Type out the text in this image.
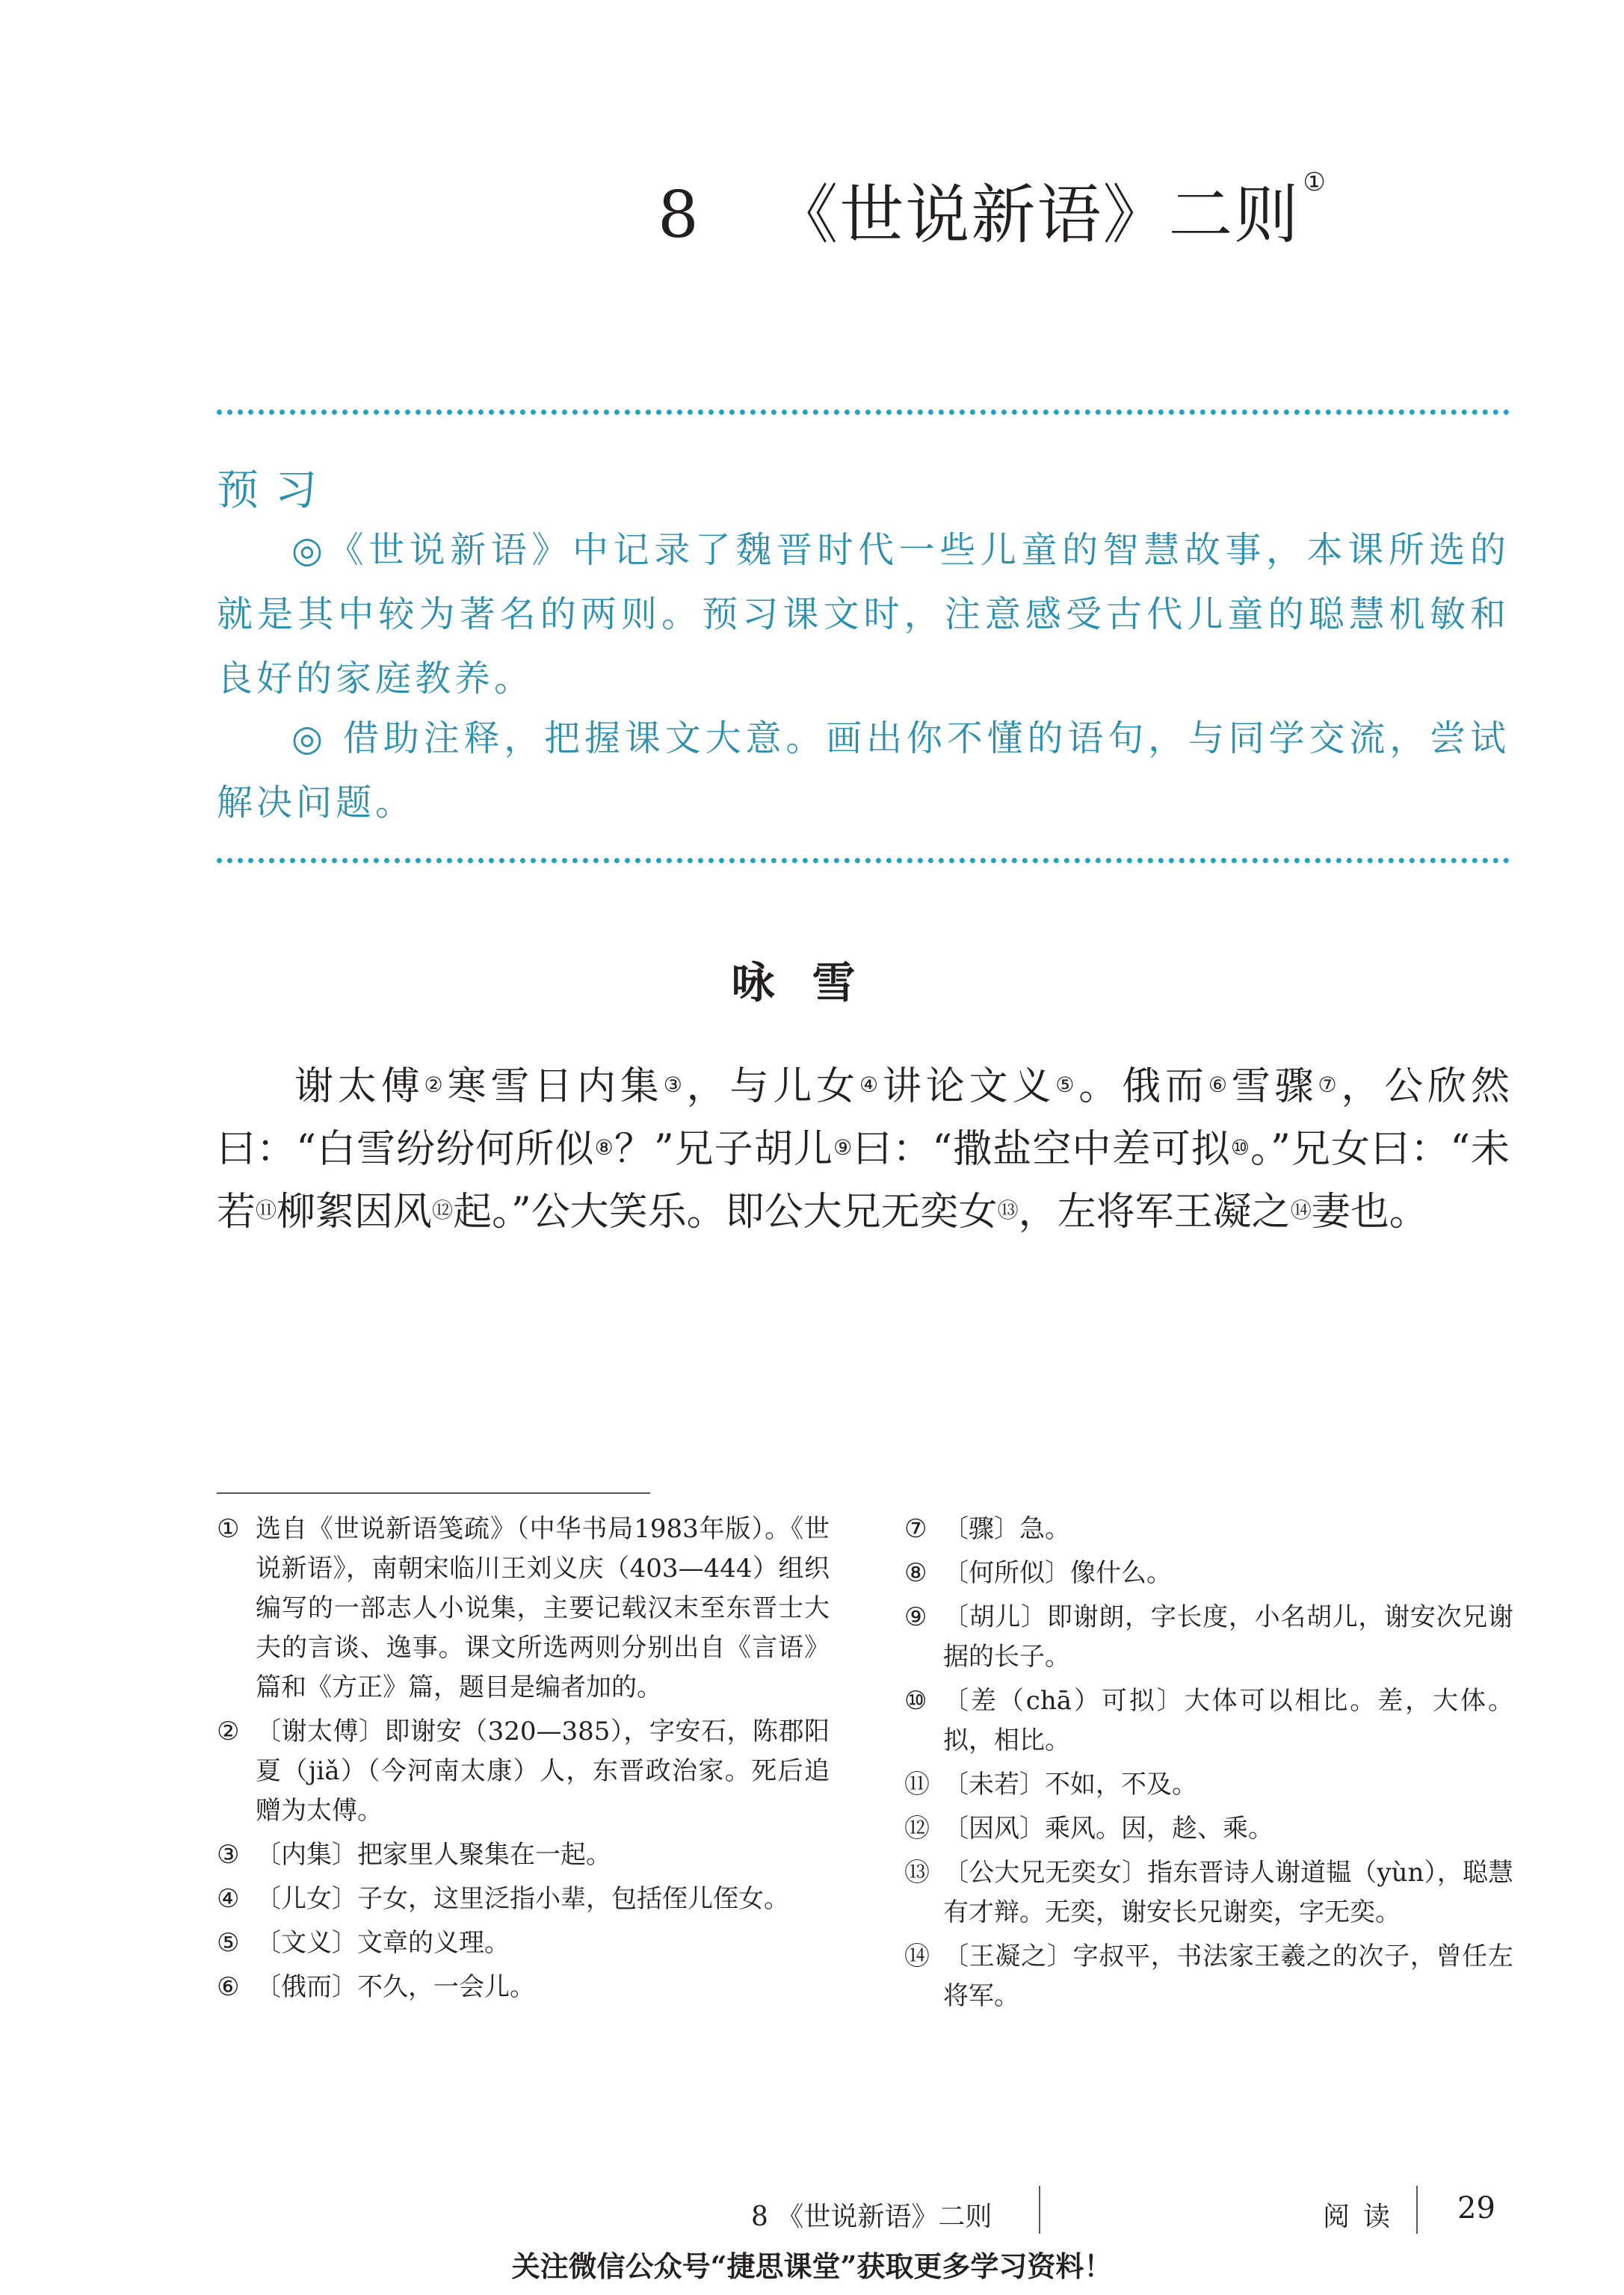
8 《世说新语》二则 ①
预习
◎《世说新语》中记录了魏晋时代一些儿童的智慧故事，本课所选的就是其中较为著名的两则。预习课文时，注意感受古代儿童的聪慧机敏和良好的家庭教养。
◎ 借助注释，把握课文大意。画出你不懂的语句，与同学交流，尝试解决问题。
咏雪
谢太傅②寒雪日内集③，与儿女④讲论文义⑤。俄而⑥雪骤⑦，公欣然曰：“白雪纷纷何所似⑧？”兄子胡儿⑨曰：“撒盐空中差可拟⑩。”兄女曰：“未若⑪柳絮因风⑫起。”公大笑乐。即公大兄无奕女⑬，左将军王凝之⑭妻也。
① 选自《世说新语笺疏》（中华书局1983年版）。《世说新语》，南朝宋临川王刘义庆（403—444）组织编写的一部志人小说集，主要记载汉末至东晋士大夫的言谈、逸事。课文所选两则分别出自《言语》篇和《方正》篇，题目是编者加的。
② 〔谢太傅〕即谢安（320—385），字安石，陈郡阳夏（jiǎ）（今河南太康）人，东晋政治家。死后追赠为太傅。
③ 〔内集〕把家里人聚集在一起。
④ 〔儿女〕子女，这里泛指小辈，包括侄儿侄女。
⑤ 〔文义〕文章的义理。
⑥ 〔俄而〕不久，一会儿。
⑦ 〔骤〕急。
⑧ 〔何所似〕像什么。
⑨ 〔胡儿〕即谢朗，字长度，小名胡儿，谢安次兄谢据的长子。
⑩ 〔差（chā）可拟〕大体可以相比。差，大体。拟，相比。
⑪ 〔未若〕不如，不及。
⑫ 〔因风〕乘风。因，趁、乘。
⑬ 〔公大兄无奕女〕指东晋诗人谢道韫（yùn），聪慧有才辩。无奕，谢安长兄谢奕，字无奕。
⑭ 〔王凝之〕字叔平，书法家王羲之的次子，曾任左将军。
8 《世说新语》二则	阅读 29
关注微信公众号“捷思课堂”获取更多学习资料！
